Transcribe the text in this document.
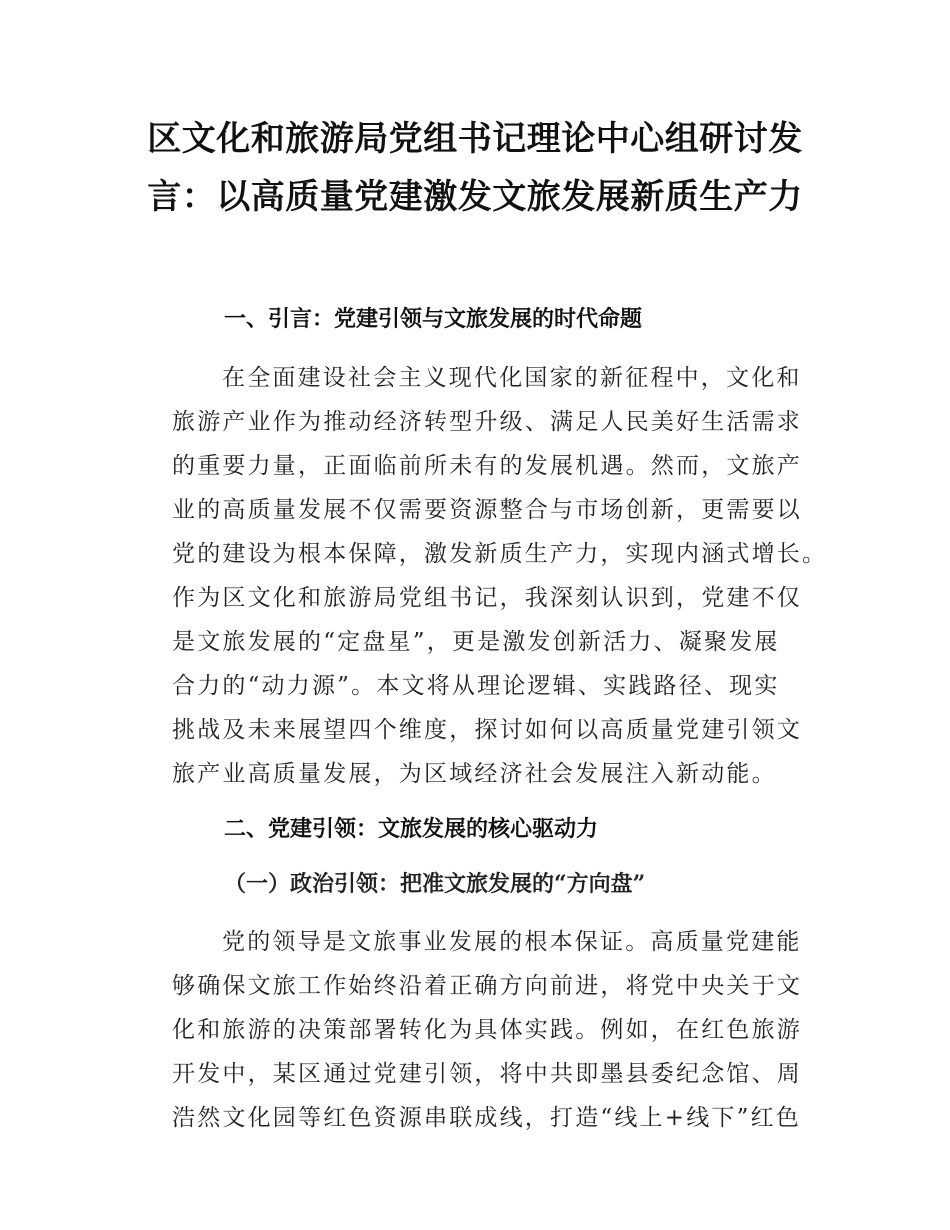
区文化和旅游局党组书记理论中心组研讨发
言：以高质量党建激发文旅发展新质生产力
一、引言：党建引领与文旅发展的时代命题
在全面建设社会主义现代化国家的新征程中，文化和
旅游产业作为推动经济转型升级、满足人民美好生活需求
的重要力量，正面临前所未有的发展机遇。然而，文旅产
业的高质量发展不仅需要资源整合与市场创新，更需要以
党的建设为根本保障，激发新质生产力，实现内涵式增长。
作为区文化和旅游局党组书记，我深刻认识到，党建不仅
是文旅发展的“定盘星”，更是激发创新活力、凝聚发展
合力的“动力源”。本文将从理论逻辑、实践路径、现实
挑战及未来展望四个维度，探讨如何以高质量党建引领文
旅产业高质量发展，为区域经济社会发展注入新动能。
二、党建引领：文旅发展的核心驱动力
（一）政治引领：把准文旅发展的“方向盘”
党的领导是文旅事业发展的根本保证。高质量党建能
够确保文旅工作始终沿着正确方向前进，将党中央关于文
化和旅游的决策部署转化为具体实践。例如，在红色旅游
开发中，某区通过党建引领，将中共即墨县委纪念馆、周
浩然文化园等红色资源串联成线，打造“线上+线下”红色
